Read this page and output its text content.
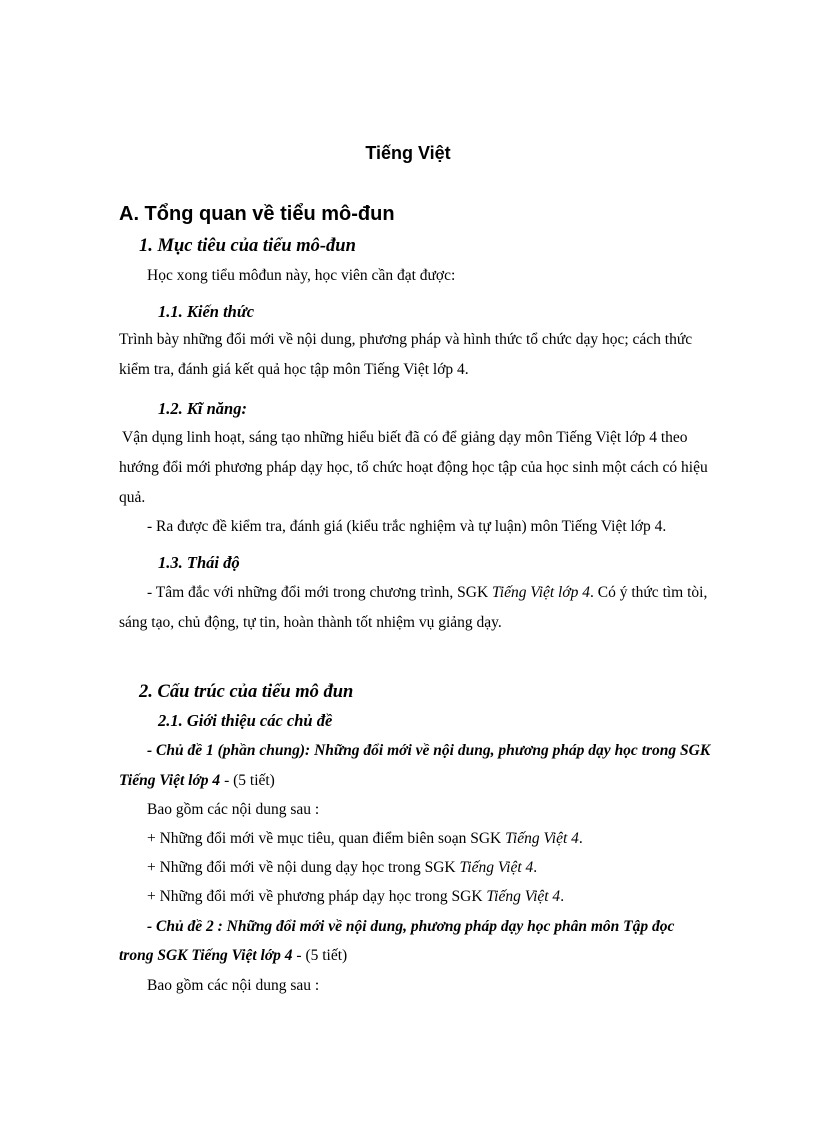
Tiếng Việt
A. Tổng quan về tiểu mô-đun
1. Mục tiêu của tiểu mô-đun
Học xong tiểu môđun này, học viên cần đạt được:
1.1. Kiến thức
Trình bày những đổi mới về nội dung, phương pháp và hình thức tổ chức dạy học; cách thức
kiểm tra, đánh giá kết quả học tập môn Tiếng Việt lớp 4.
1.2. Kĩ năng:
Vận dụng linh hoạt, sáng tạo những hiểu biết đã có để giảng dạy môn Tiếng Việt lớp 4 theo
hướng đổi mới phương pháp dạy học, tổ chức hoạt động học tập của học sinh một cách có hiệu
quả.
- Ra được đề kiểm tra, đánh giá (kiểu trắc nghiệm và tự luận) môn Tiếng Việt lớp 4.
1.3. Thái độ
- Tâm đắc với những đổi mới trong chương trình, SGK Tiếng Việt lớp 4. Có ý thức tìm tòi,
sáng tạo, chủ động, tự tin, hoàn thành tốt nhiệm vụ giảng dạy.
2. Cấu trúc của tiểu mô đun
2.1. Giới thiệu các chủ đề
- Chủ đề 1 (phần chung): Những đổi mới về nội dung, phương pháp dạy học trong SGK
Tiếng Việt lớp 4 - (5 tiết)
Bao gồm các nội dung sau :
+ Những đổi mới về mục tiêu, quan điểm biên soạn SGK Tiếng Việt 4.
+ Những đổi mới về nội dung dạy học trong SGK Tiếng Việt 4.
+ Những đổi mới về phương pháp dạy học trong SGK Tiếng Việt 4.
- Chủ đề 2 : Những đổi mới về nội dung, phương pháp dạy học phân môn Tập đọc
trong SGK Tiếng Việt lớp 4 - (5 tiết)
Bao gồm các nội dung sau :
